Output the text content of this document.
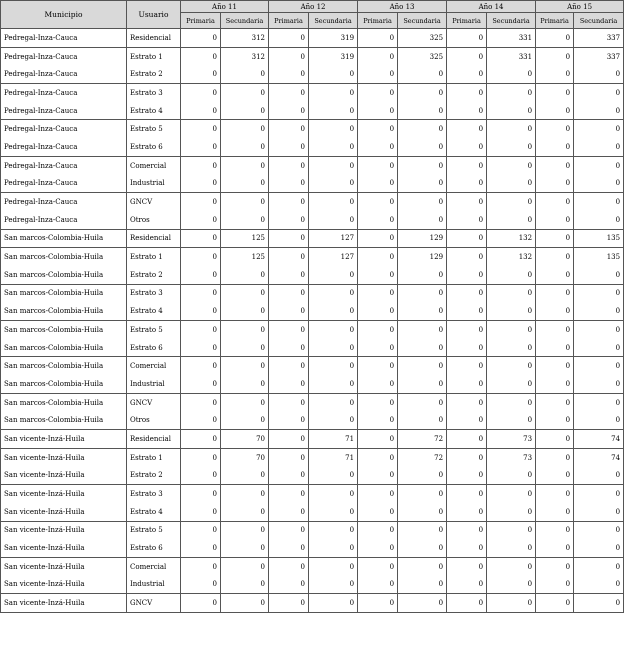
Municipio	Usuario	Año 11		Año 12		Año 13		Año 14		Año 15	
		Primaria	Secundaria	Primaria	Secundaria	Primaria	Secundaria	Primaria	Secundaria	Primaria	Secundaria
Pedregal-Inza-Cauca	Residencial	0	312	0	319	0	325	0	331	0	337
Pedregal-Inza-Cauca	Estrato 1	0	312	0	319	0	325	0	331	0	337
Pedregal-Inza-Cauca	Estrato 2	0	0	0	0	0	0	0	0	0	0
Pedregal-Inza-Cauca	Estrato 3	0	0	0	0	0	0	0	0	0	0
Pedregal-Inza-Cauca	Estrato 4	0	0	0	0	0	0	0	0	0	0
Pedregal-Inza-Cauca	Estrato 5	0	0	0	0	0	0	0	0	0	0
Pedregal-Inza-Cauca	Estrato 6	0	0	0	0	0	0	0	0	0	0
Pedregal-Inza-Cauca	Comercial	0	0	0	0	0	0	0	0	0	0
Pedregal-Inza-Cauca	Industrial	0	0	0	0	0	0	0	0	0	0
Pedregal-Inza-Cauca	GNCV	0	0	0	0	0	0	0	0	0	0
Pedregal-Inza-Cauca	Otros	0	0	0	0	0	0	0	0	0	0
San marcos-Colombia-Huila	Residencial	0	125	0	127	0	129	0	132	0	135
San marcos-Colombia-Huila	Estrato 1	0	125	0	127	0	129	0	132	0	135
San marcos-Colombia-Huila	Estrato 2	0	0	0	0	0	0	0	0	0	0
San marcos-Colombia-Huila	Estrato 3	0	0	0	0	0	0	0	0	0	0
San marcos-Colombia-Huila	Estrato 4	0	0	0	0	0	0	0	0	0	0
San marcos-Colombia-Huila	Estrato 5	0	0	0	0	0	0	0	0	0	0
San marcos-Colombia-Huila	Estrato 6	0	0	0	0	0	0	0	0	0	0
San marcos-Colombia-Huila	Comercial	0	0	0	0	0	0	0	0	0	0
San marcos-Colombia-Huila	Industrial	0	0	0	0	0	0	0	0	0	0
San marcos-Colombia-Huila	GNCV	0	0	0	0	0	0	0	0	0	0
San marcos-Colombia-Huila	Otros	0	0	0	0	0	0	0	0	0	0
San vicente-Inzá-Huila	Residencial	0	70	0	71	0	72	0	73	0	74
San vicente-Inzá-Huila	Estrato 1	0	70	0	71	0	72	0	73	0	74
San vicente-Inzá-Huila	Estrato 2	0	0	0	0	0	0	0	0	0	0
San vicente-Inzá-Huila	Estrato 3	0	0	0	0	0	0	0	0	0	0
San vicente-Inzá-Huila	Estrato 4	0	0	0	0	0	0	0	0	0	0
San vicente-Inzá-Huila	Estrato 5	0	0	0	0	0	0	0	0	0	0
San vicente-Inzá-Huila	Estrato 6	0	0	0	0	0	0	0	0	0	0
San vicente-Inzá-Huila	Comercial	0	0	0	0	0	0	0	0	0	0
San vicente-Inzá-Huila	Industrial	0	0	0	0	0	0	0	0	0	0
San vicente-Inzá-Huila	GNCV	0	0	0	0	0	0	0	0	0	0
